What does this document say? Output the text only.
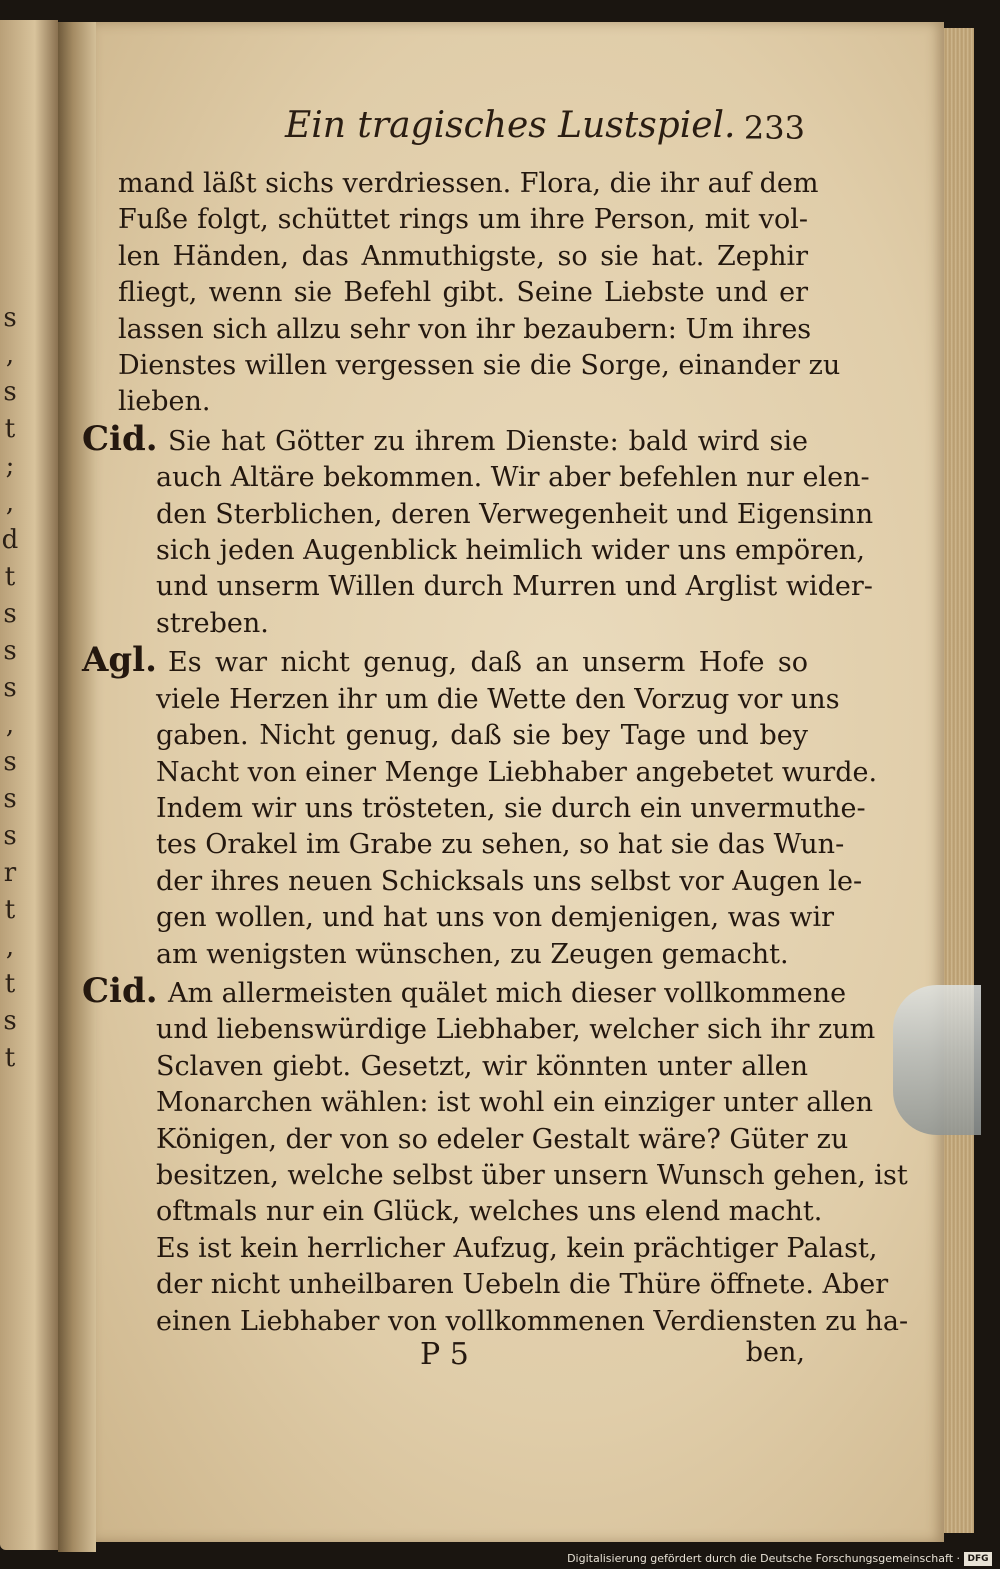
s
,
s
t
;
,
d
t
s
s
s
,
s
s
s
r
t
,
t
s
t
Ein tragisches Lustspiel. 233
mand läßt sichs verdriessen. Flora, die ihr auf dem
Fuße folgt, schüttet rings um ihre Person, mit vol-
len Händen, das Anmuthigste, so sie hat. Zephir
fliegt, wenn sie Befehl gibt. Seine Liebste und er
lassen sich allzu sehr von ihr bezaubern: Um ihres
Dienstes willen vergessen sie die Sorge, einander zu
lieben.
Cid. Sie hat Götter zu ihrem Dienste: bald wird sie
auch Altäre bekommen. Wir aber befehlen nur elen-
den Sterblichen, deren Verwegenheit und Eigensinn
sich jeden Augenblick heimlich wider uns empören,
und unserm Willen durch Murren und Arglist wider-
streben.
Agl. Es war nicht genug, daß an unserm Hofe so
viele Herzen ihr um die Wette den Vorzug vor uns
gaben. Nicht genug, daß sie bey Tage und bey
Nacht von einer Menge Liebhaber angebetet wurde.
Indem wir uns trösteten, sie durch ein unvermuthe-
tes Orakel im Grabe zu sehen, so hat sie das Wun-
der ihres neuen Schicksals uns selbst vor Augen le-
gen wollen, und hat uns von demjenigen, was wir
am wenigsten wünschen, zu Zeugen gemacht.
Cid. Am allermeisten quälet mich dieser vollkommene
und liebenswürdige Liebhaber, welcher sich ihr zum
Sclaven giebt. Gesetzt, wir könnten unter allen
Monarchen wählen: ist wohl ein einziger unter allen
Königen, der von so edeler Gestalt wäre? Güter zu
besitzen, welche selbst über unsern Wunsch gehen, ist
oftmals nur ein Glück, welches uns elend macht.
Es ist kein herrlicher Aufzug, kein prächtiger Palast,
der nicht unheilbaren Uebeln die Thüre öffnete. Aber
einen Liebhaber von vollkommenen Verdiensten zu ha-
P 5	ben,
Digitalisierung gefördert durch die Deutsche Forschungsgemeinschaft · DFG
